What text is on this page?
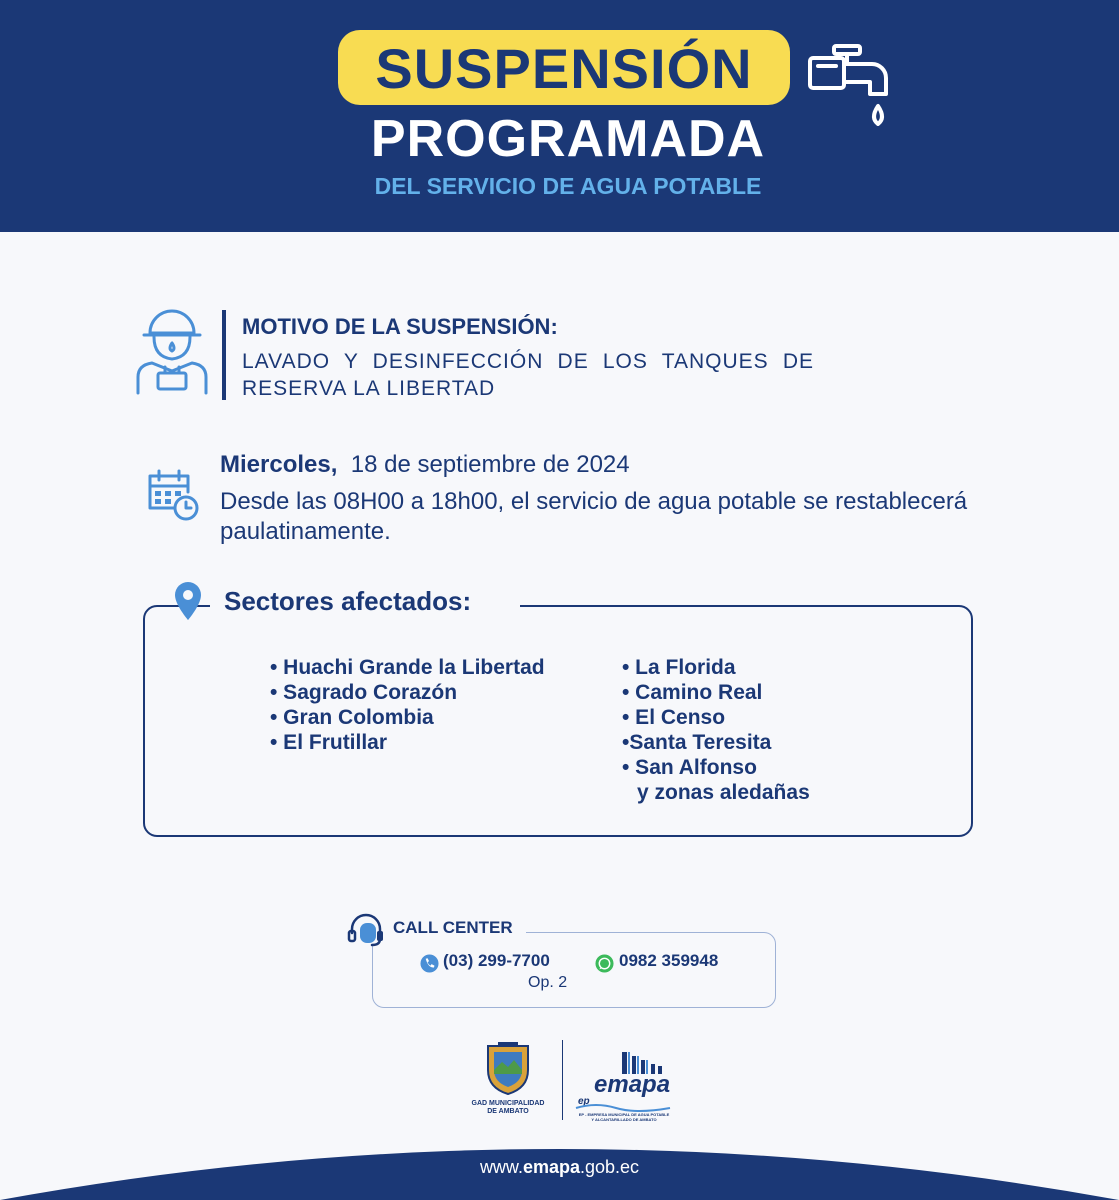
SUSPENSIÓN
PROGRAMADA
DEL SERVICIO DE AGUA POTABLE
MOTIVO DE LA SUSPENSIÓN:
LAVADO Y DESINFECCIÓN DE LOS TANQUES DE RESERVA LA LIBERTAD
Miercoles, 18 de septiembre de 2024
Desde las 08H00 a 18h00, el servicio de agua potable se restablecerá paulatinamente.
Sectores afectados:
• Huachi Grande la Libertad
• Sagrado Corazón
• Gran Colombia
• El Frutillar
• La Florida
• Camino Real
• El Censo
•Santa Teresita
• San Alfonso
y zonas aledañas
CALL CENTER
(03) 299-7700
Op. 2
0982 359948
GAD MUNICIPALIDAD
DE AMBATO
emapa
ep
EP - EMPRESA MUNICIPAL DE AGUA POTABLE
Y ALCANTARILLADO DE AMBATO
www.emapa.gob.ec
